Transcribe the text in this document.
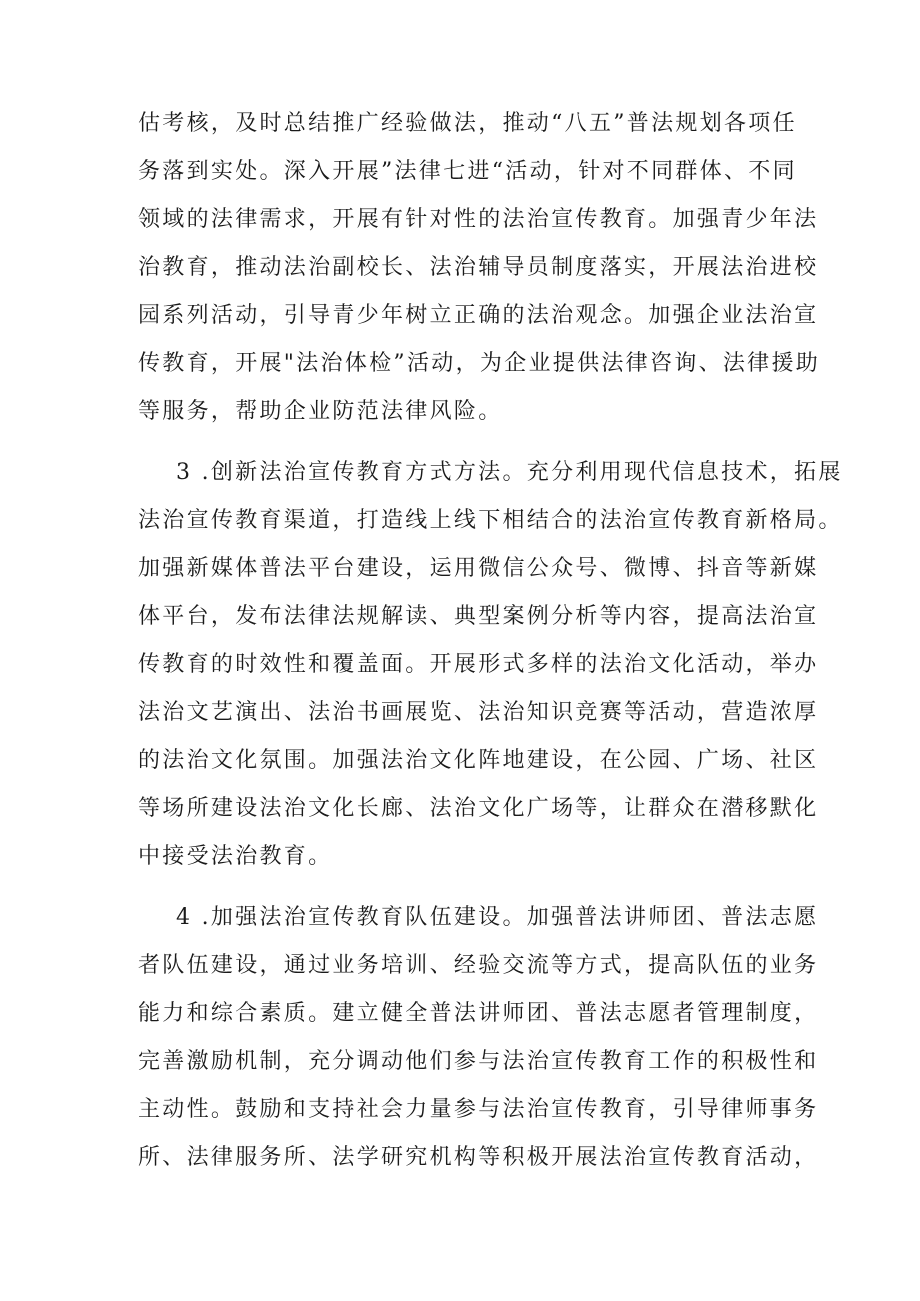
估考核，及时总结推广经验做法，推动“八五”普法规划各项任
务落到实处。深入开展”法律七进“活动，针对不同群体、不同
领域的法律需求，开展有针对性的法治宣传教育。加强青少年法
治教育，推动法治副校长、法治辅导员制度落实，开展法治进校
园系列活动，引导青少年树立正确的法治观念。加强企业法治宣
传教育，开展"法治体检”活动，为企业提供法律咨询、法律援助
等服务，帮助企业防范法律风险。
3 .创新法治宣传教育方式方法。充分利用现代信息技术，拓展
法治宣传教育渠道，打造线上线下相结合的法治宣传教育新格局。
加强新媒体普法平台建设，运用微信公众号、微博、抖音等新媒
体平台，发布法律法规解读、典型案例分析等内容，提高法治宣
传教育的时效性和覆盖面。开展形式多样的法治文化活动，举办
法治文艺演出、法治书画展览、法治知识竞赛等活动，营造浓厚
的法治文化氛围。加强法治文化阵地建设，在公园、广场、社区
等场所建设法治文化长廊、法治文化广场等，让群众在潜移默化
中接受法治教育。
4 .加强法治宣传教育队伍建设。加强普法讲师团、普法志愿
者队伍建设，通过业务培训、经验交流等方式，提高队伍的业务
能力和综合素质。建立健全普法讲师团、普法志愿者管理制度，
完善激励机制，充分调动他们参与法治宣传教育工作的积极性和
主动性。鼓励和支持社会力量参与法治宣传教育，引导律师事务
所、法律服务所、法学研究机构等积极开展法治宣传教育活动，
